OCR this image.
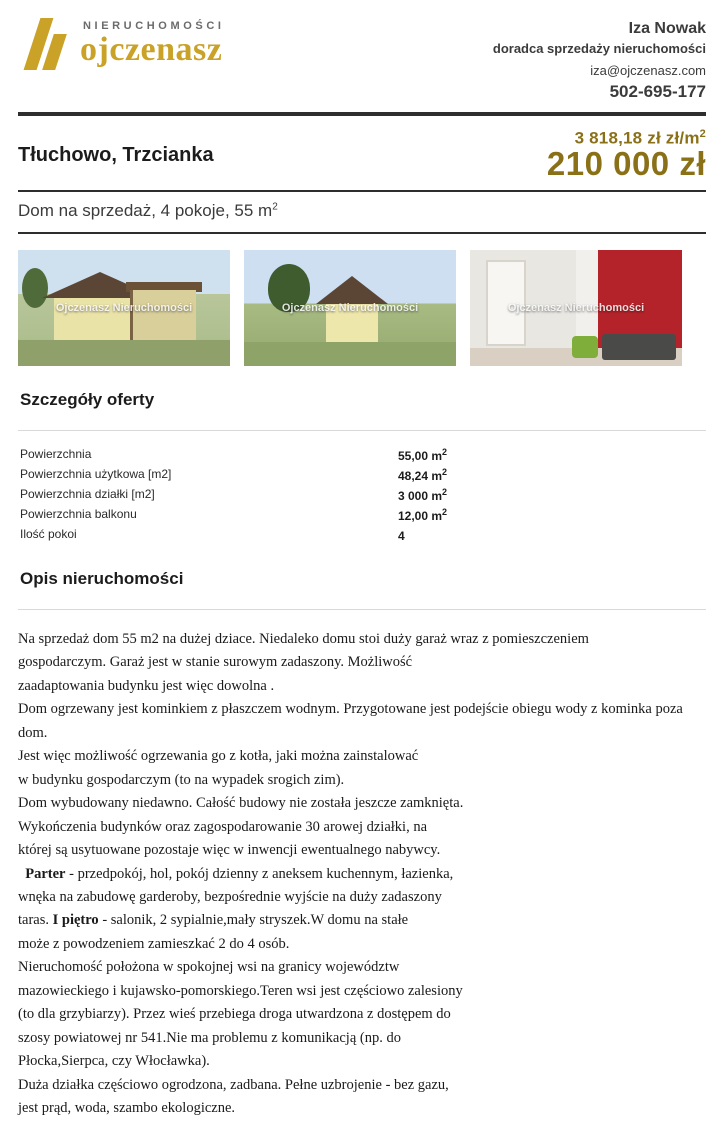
NIERUCHOMOŚCI
ojczenasz
Iza Nowak
doradca sprzedaży nieruchomości
iza@ojczenasz.com
502-695-177
Tłuchowo, Trzcianka
3 818,18 zł $zł/m^2$
210 000 zł
Dom na sprzedaż, 4 pokoje, 55 $m^2$
Ojczenasz Nieruchomości	Ojczenasz Nieruchomości	Ojczenasz Nieruchomości
Szczegóły oferty
Powierzchnia	55,00 $m^2$
Powierzchnia użytkowa [m2]	48,24 $m^2$
Powierzchnia działki [m2]	3 000 $m^2$
Powierzchnia balkonu	12,00 $m^2$
Ilość pokoi	4
Opis nieruchomości

Na sprzedaż dom 55 m2 na dużej dziace. Niedaleko domu stoi duży garaż wraz z pomieszczeniem

gospodarczym. Garaż jest w stanie surowym zadaszony. Możliwość

zaadaptowania budynku jest więc dowolna .

Dom ogrzewany jest kominkiem z płaszczem wodnym. Przygotowane jest podejście obiegu wody z kominka poza dom.

Jest więc możliwość ogrzewania go z kotła, jaki można zainstalować

w budynku gospodarczym (to na wypadek srogich zim).

Dom wybudowany niedawno. Całość budowy nie została jeszcze zamknięta.

Wykończenia budynków oraz zagospodarowanie 30 arowej działki, na

której są usytuowane pozostaje więc w inwencji ewentualnego nabywcy.

Parter - przedpokój, hol, pokój dzienny z aneksem kuchennym, łazienka,

wnęka na zabudowę garderoby, bezpośrednie wyjście na duży zadaszony

taras. I piętro - salonik, 2 sypialnie,mały stryszek.W domu na stałe

może z powodzeniem zamieszkać 2 do 4 osób.

Nieruchomość położona w spokojnej wsi na granicy województw

mazowieckiego i kujawsko-pomorskiego.Teren wsi jest częściowo zalesiony

(to dla grzybiarzy). Przez wieś przebiega droga utwardzona z dostępem do

szosy powiatowej nr 541.Nie ma problemu z komunikacją (np. do

Płocka,Sierpca, czy Włocławka).

Duża działka częściowo ogrodzona, zadbana. Pełne uzbrojenie - bez gazu,

jest prąd, woda, szambo ekologiczne.
